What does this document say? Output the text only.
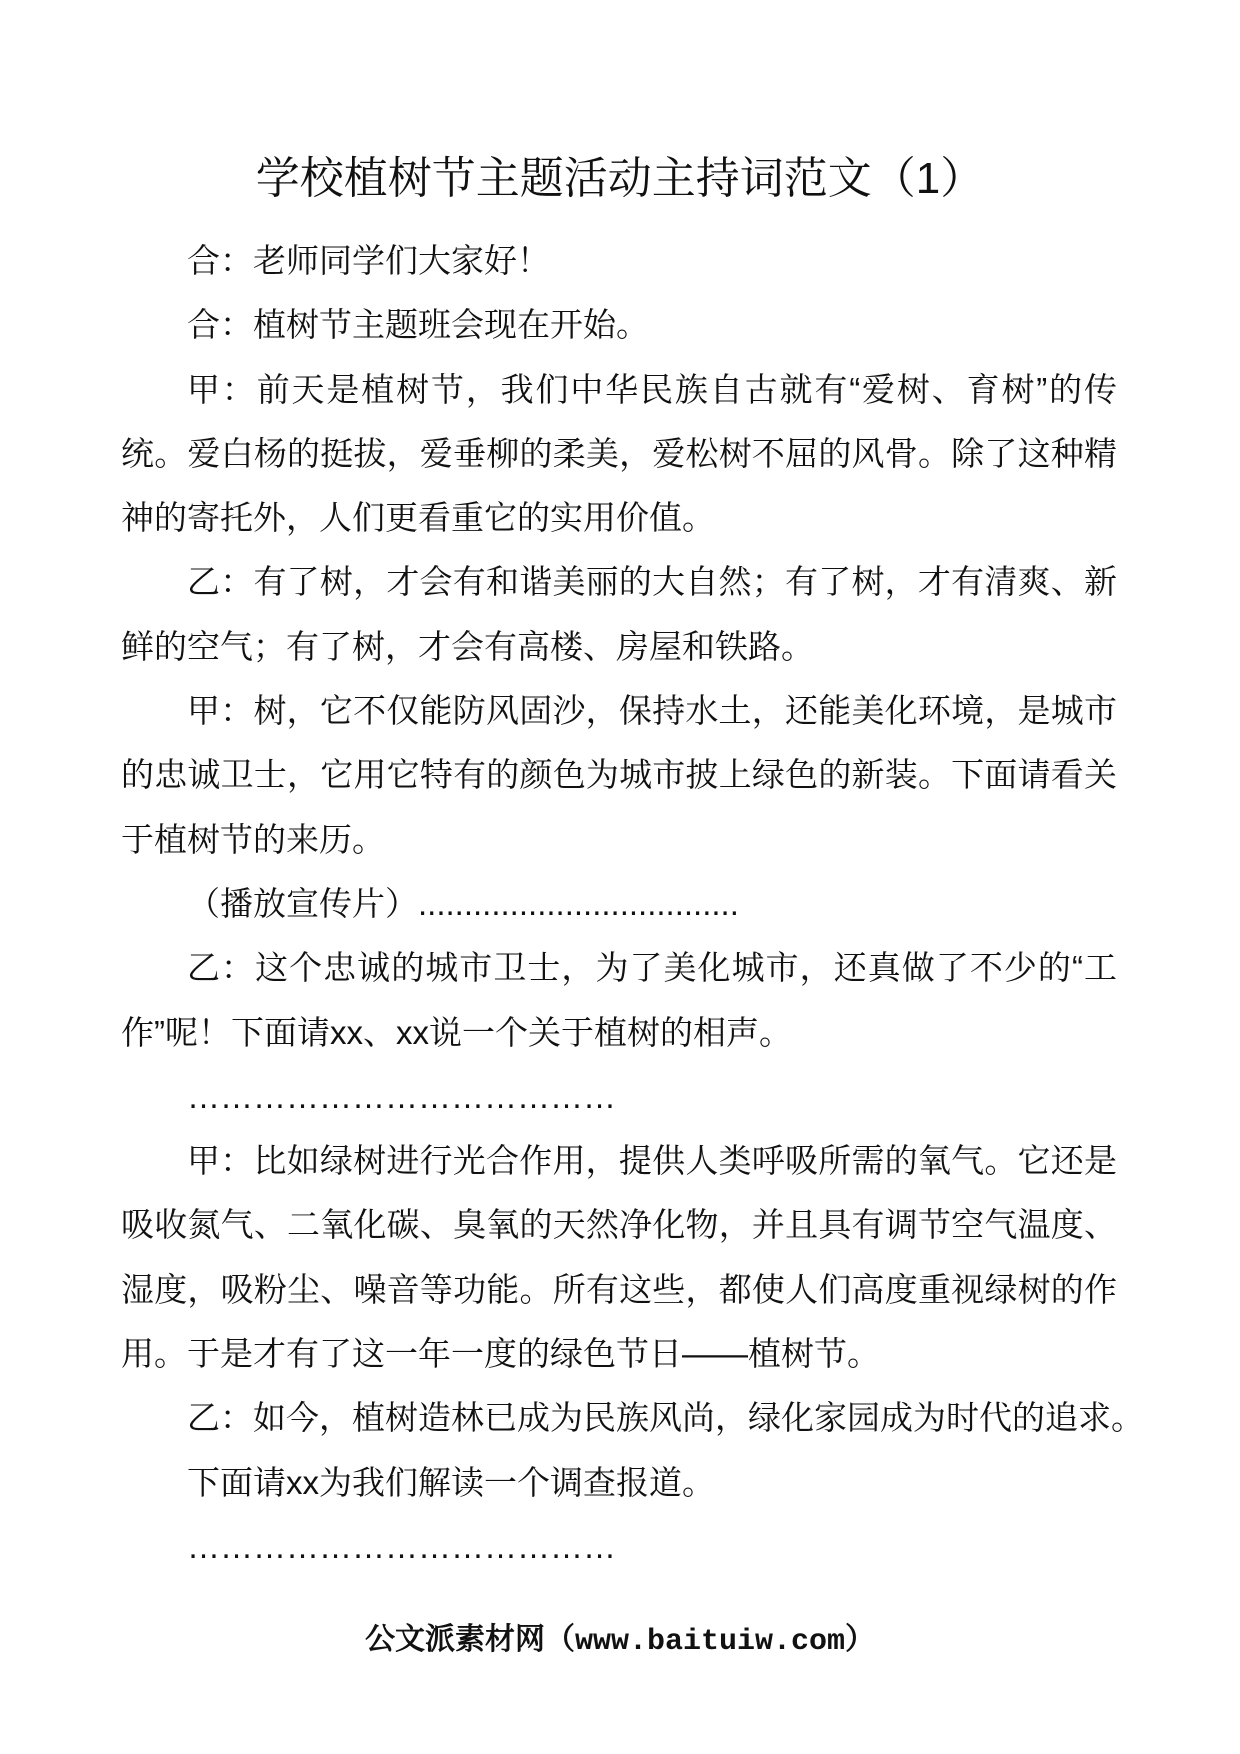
学校植树节主题活动主持词范文（1）
合：老师同学们大家好！
合：植树节主题班会现在开始。
甲：前天是植树节，我们中华民族自古就有“爱树、育树”的传
统。爱白杨的挺拔，爱垂柳的柔美，爱松树不屈的风骨。除了这种精
神的寄托外，人们更看重它的实用价值。
乙：有了树，才会有和谐美丽的大自然；有了树，才有清爽、新
鲜的空气；有了树，才会有高楼、房屋和铁路。
甲：树，它不仅能防风固沙，保持水土，还能美化环境，是城市
的忠诚卫士，它用它特有的颜色为城市披上绿色的新装。下面请看关
于植树节的来历。
（播放宣传片）...................................
乙：这个忠诚的城市卫士，为了美化城市，还真做了不少的“工
作”呢！下面请xx、xx说一个关于植树的相声。
…………………………………
甲：比如绿树进行光合作用，提供人类呼吸所需的氧气。它还是
吸收氮气、二氧化碳、臭氧的天然净化物，并且具有调节空气温度、
湿度，吸粉尘、噪音等功能。所有这些，都使人们高度重视绿树的作
用。于是才有了这一年一度的绿色节日——植树节。
乙：如今，植树造林已成为民族风尚，绿化家园成为时代的追求。
下面请xx为我们解读一个调查报道。
…………………………………
公文派素材网（www.baituiw.com）
